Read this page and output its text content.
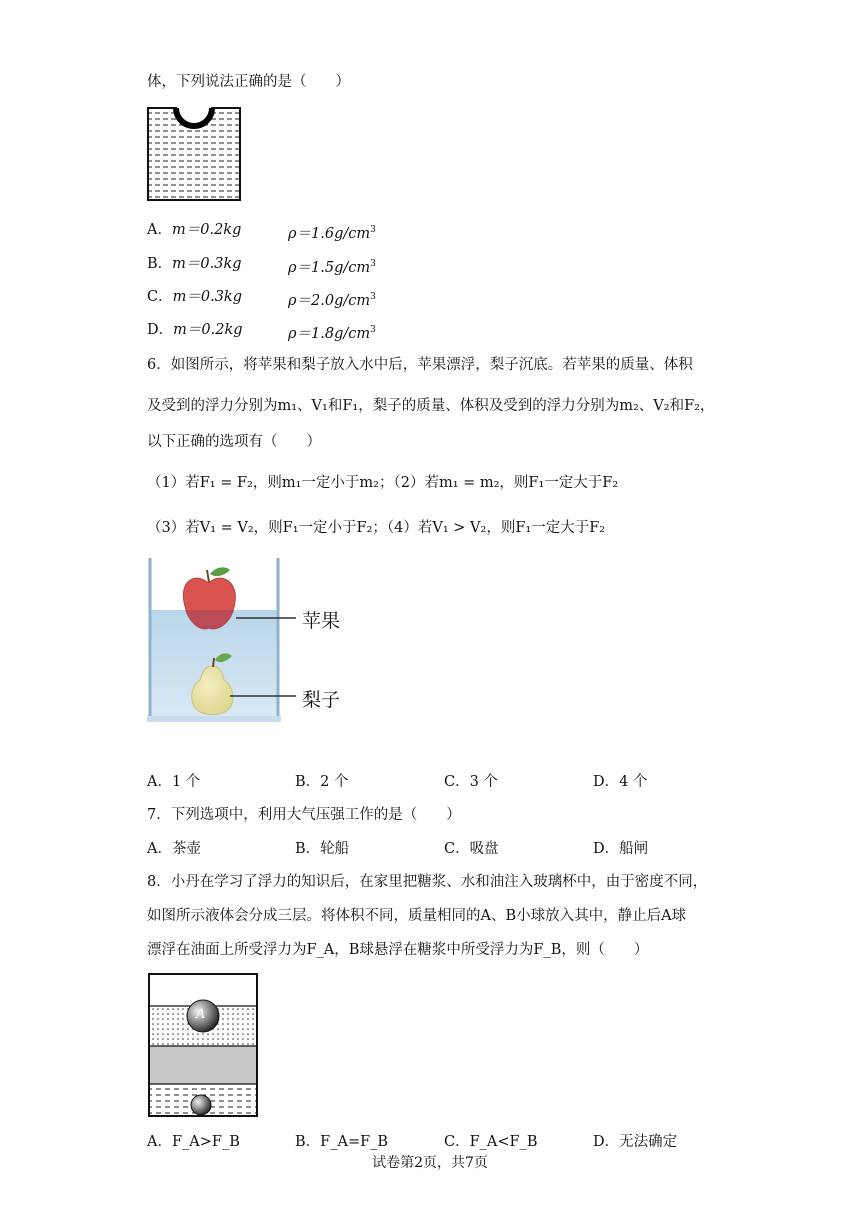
体，下列说法正确的是（　　）
A．m＝0.2kg	$\rho=1.6g/cm^3$
B．m＝0.3kg	$\rho=1.5g/cm^3$
C．m＝0.3kg	$\rho=2.0g/cm^3$
D．m＝0.2kg	$\rho=1.8g/cm^3$
6．如图所示，将苹果和梨子放入水中后，苹果漂浮，梨子沉底。若苹果的质量、体积
及受到的浮力分别为m₁、V₁和F₁，梨子的质量、体积及受到的浮力分别为m₂、V₂和F₂，
以下正确的选项有（　　）
（1）若F₁ = F₂，则m₁一定小于m₂；（2）若m₁ = m₂，则F₁一定大于F₂
（3）若V₁ = V₂，则F₁一定小于F₂；（4）若V₁ > V₂，则F₁一定大于F₂
苹果
梨子
A．1 个	B．2 个	C．3 个	D．4 个
7．下列选项中，利用大气压强工作的是（　　）
A．茶壶	B．轮船	C．吸盘	D．船闸
8．小丹在学习了浮力的知识后，在家里把糖浆、水和油注入玻璃杯中，由于密度不同，
如图所示液体会分成三层。将体积不同，质量相同的A、B小球放入其中，静止后A球
漂浮在油面上所受浮力为F_A，B球悬浮在糖浆中所受浮力为F_B，则（　　）
A
A．F_A>F_B	B．F_A=F_B	C．F_A<F_B	D．无法确定
试卷第2页，共7页
